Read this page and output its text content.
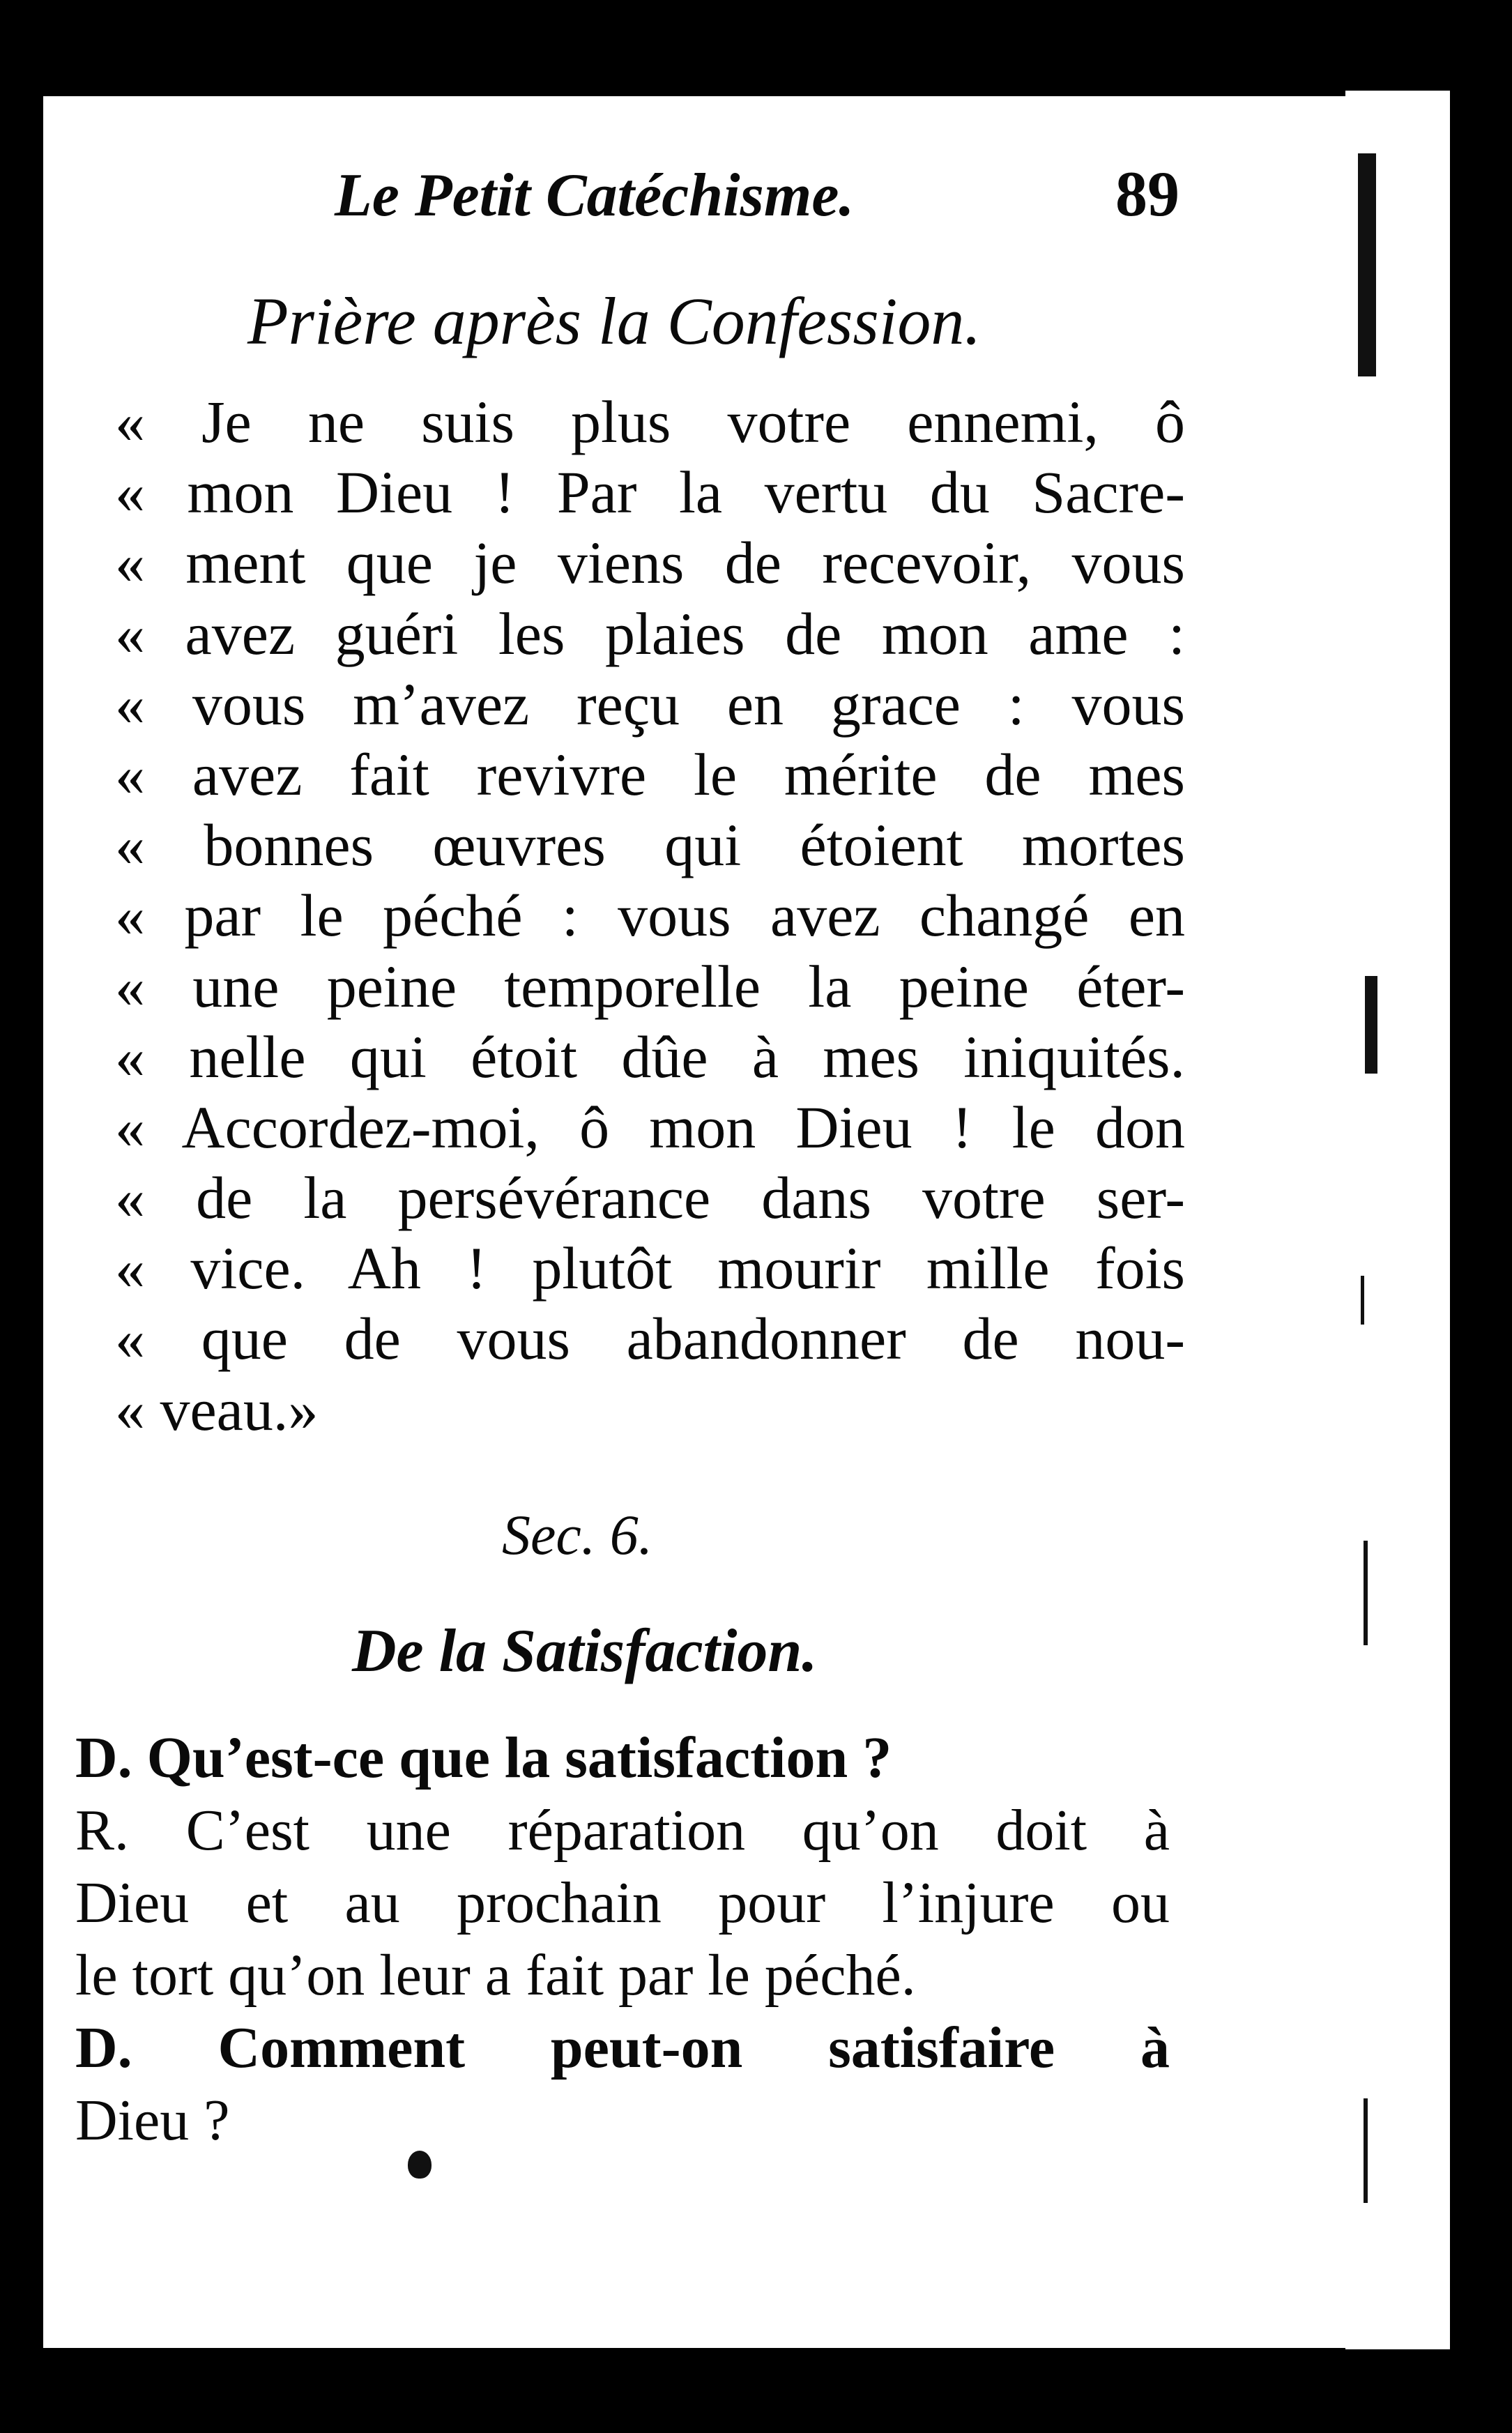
Le Petit Catéchisme.	89
Prière après la Confession.
« Je ne suis plus votre ennemi, ô
« mon Dieu ! Par la vertu du Sacre-
« ment que je viens de recevoir, vous
« avez guéri les plaies de mon ame :
« vous m’avez reçu en grace : vous
« avez fait revivre le mérite de mes
« bonnes œuvres qui étoient mortes
« par le péché : vous avez changé en
« une peine temporelle la peine éter-
« nelle qui étoit dûe à mes iniquités.
« Accordez-moi, ô mon Dieu ! le don
« de la persévérance dans votre ser-
« vice. Ah ! plutôt mourir mille fois
« que de vous abandonner de nou-
« veau.»
Sec. 6.
De la Satisfaction.
D. Qu’est-ce que la satisfaction ?
R. C’est une réparation qu’on doit à
Dieu et au prochain pour l’injure ou
le tort qu’on leur a fait par le péché.
D. Comment peut-on satisfaire à
Dieu ?
